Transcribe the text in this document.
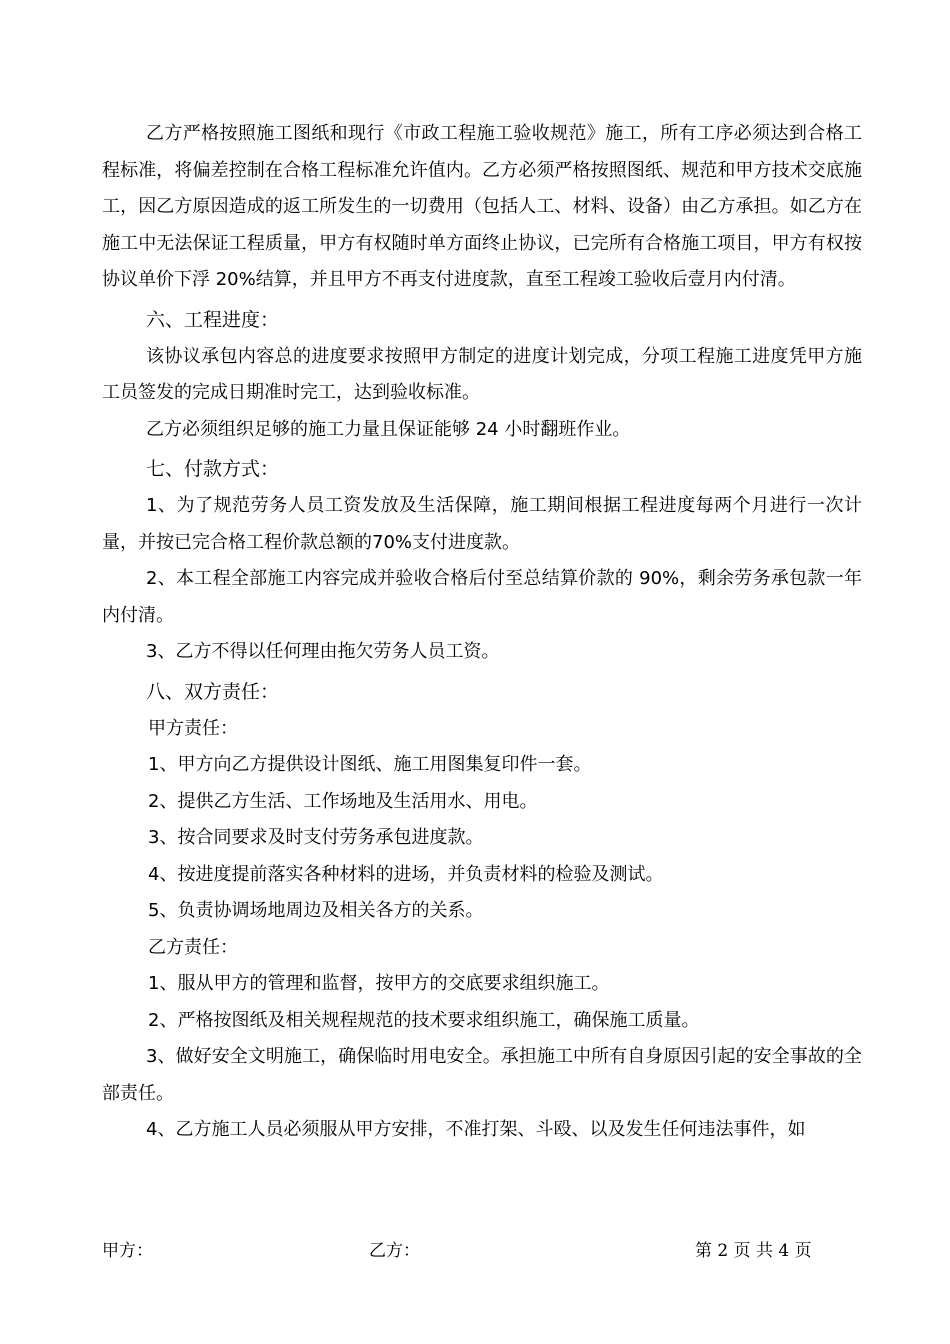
乙方严格按照施工图纸和现行《市政工程施工验收规范》施工，所有工序必须达到合格工程标准，将偏差控制在合格工程标准允许值内。乙方必须严格按照图纸、规范和甲方技术交底施工，因乙方原因造成的返工所发生的一切费用（包括人工、材料、设备）由乙方承担。如乙方在施工中无法保证工程质量，甲方有权随时单方面终止协议，已完所有合格施工项目，甲方有权按协议单价下浮 20%结算，并且甲方不再支付进度款，直至工程竣工验收后壹月内付清。

六、工程进度：

该协议承包内容总的进度要求按照甲方制定的进度计划完成，分项工程施工进度凭甲方施工员签发的完成日期准时完工，达到验收标准。

乙方必须组织足够的施工力量且保证能够 24 小时翻班作业。

七、付款方式：

1、为了规范劳务人员工资发放及生活保障，施工期间根据工程进度每两个月进行一次计量，并按已完合格工程价款总额的70%支付进度款。

2、本工程全部施工内容完成并验收合格后付至总结算价款的 90%，剩余劳务承包款一年内付清。

3、乙方不得以任何理由拖欠劳务人员工资。

八、双方责任：

甲方责任：

1、甲方向乙方提供设计图纸、施工用图集复印件一套。

2、提供乙方生活、工作场地及生活用水、用电。

3、按合同要求及时支付劳务承包进度款。

4、按进度提前落实各种材料的进场，并负责材料的检验及测试。

5、负责协调场地周边及相关各方的关系。

乙方责任：

1、服从甲方的管理和监督，按甲方的交底要求组织施工。

2、严格按图纸及相关规程规范的技术要求组织施工，确保施工质量。

3、做好安全文明施工，确保临时用电安全。承担施工中所有自身原因引起的安全事故的全部责任。

4、乙方施工人员必须服从甲方安排，不准打架、斗殴、以及发生任何违法事件，如

甲方：	乙方：	第 2 页 共 4 页
